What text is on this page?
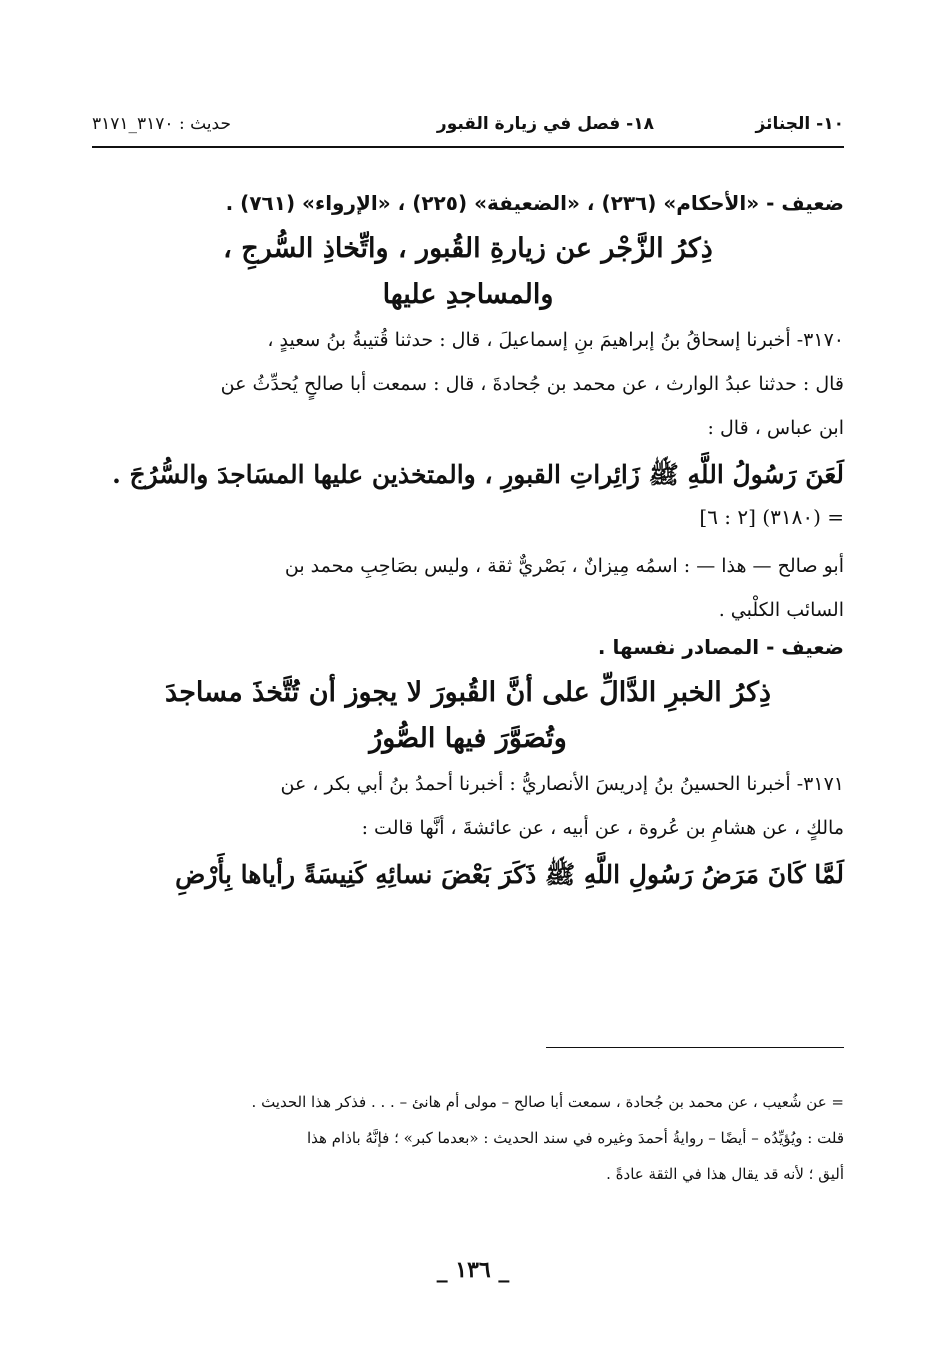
١٠- الجنائز
١٨- فصل في زيارة القبور
حديث : ٣١٧٠_٣١٧١

ضعيف - «الأحكام» (٢٣٦) ، «الضعيفة» (٢٢٥) ، «الإرواء» (٧٦١) .

ذِكرُ الزَّجْر عن زيارةِ القُبور ، واتِّخاذِ السُّرجِ ،

والمساجدِ عليها

٣١٧٠- أخبرنا إسحاقُ بنُ إبراهيمَ بنِ إسماعيلَ ، قال : حدثنا قُتيبةُ بنُ سعيدٍ ،

قال : حدثنا عبدُ الوارث ، عن محمد بن جُحادةَ ، قال : سمعت أبا صالحٍ يُحدِّثُ عن

ابن عباس ، قال :

لَعَنَ رَسُولُ اللَّهِ ﷺ زَائِراتِ القبورِ ، والمتخذين عليها المسَاجدَ والسُّرُجَ .

= (٣١٨٠) [٢ : ٦]

أبو صالح — هذا — : اسمُه مِيزانٌ ، بَصْريٌّ ثقة ، وليس بصَاحِبِ محمد بن

السائب الكلْبي .

ضعيف - المصادر نفسها .

ذِكرُ الخبرِ الدَّالِّ على أنَّ القُبورَ لا يجوز أن تُتَّخذَ مساجدَ

وتُصَوَّرَ فيها الصُّورُ

٣١٧١- أخبرنا الحسينُ بنُ إدريسَ الأنصاريُّ : أخبرنا أحمدُ بنُ أبي بكر ، عن

مالكٍ ، عن هشامِ بن عُروة ، عن أبيه ، عن عائشةَ ، أنَّها قالت :

لَمَّا كَانَ مَرَضُ رَسُولِ اللَّهِ ﷺ ذَكَرَ بَعْضَ نسائِهِ كَنِيسَةً رأياها بِأَرْضِ

= عن شُعيب ، عن محمد بن جُحادة ، سمعت أبا صالح – مولى أم هانئ – . . . فذكر هذا الحديث .

قلت : ويُؤيِّدُه – أيضًا – روايةُ أحمدَ وغيره في سند الحديث : «بعدما كبر» ؛ فإنَّهُ باذام هذا

أليق ؛ لأنه قد يقال هذا في الثقة عادةً .

_ ١٣٦ _
